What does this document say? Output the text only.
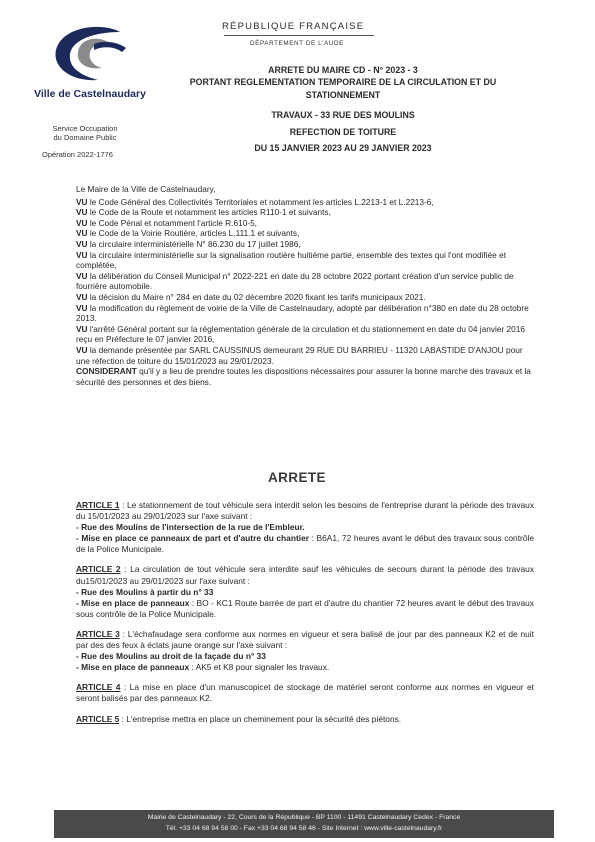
Ville de Castelnaudary
Service Occupation
du Domaine Public
Opération 2022-1776
RÉPUBLIQUE FRANÇAISE
DÉPARTEMENT DE L'AUDE
ARRETE DU MAIRE CD - N° 2023 - 3
PORTANT REGLEMENTATION TEMPORAIRE DE LA CIRCULATION ET DU
STATIONNEMENT
TRAVAUX - 33 RUE DES MOULINS
REFECTION DE TOITURE
DU 15 JANVIER 2023 AU 29 JANVIER 2023

Le Maire de la Ville de Castelnaudary,

VU le Code Général des Collectivités Territoriales et notamment les articles L.2213-1 et L.2213-6,

VU le Code de la Route et notamment les articles R110-1 et suivants,

VU le Code Pénal et notamment l'article R.610-5,

VU le Code de la Voirie Routière, articles L.111.1 et suivants,

VU la circulaire interministérielle N° 86.230 du 17 juillet 1986,

VU la circulaire interministérielle sur la signalisation routière huitième partie, ensemble des textes qui l'ont modifiée et complétée,

VU la délibération du Conseil Municipal n° 2022-221 en date du 28 octobre 2022 portant création d'un service public de fourrière automobile.

VU la décision du Maire n° 284 en date du 02 décembre 2020 fixant les tarifs municipaux 2021.

VU la modification du règlement de voirie de la Ville de Castelnaudary, adopté par délibération n°380 en date du 28 octobre 2013.

VU l'arrêté Général portant sur la réglementation générale de la circulation et du stationnement en date du 04 janvier 2016 reçu en Préfecture le 07 janvier 2016,

VU la demande présentée par SARL CAUSSINUS demeurant 29 RUE DU BARRIEU - 11320 LABASTIDE D'ANJOU pour une réfection de toiture du 15/01/2023 au 29/01/2023.

CONSIDERANT qu'il y a lieu de prendre toutes les dispositions nécessaires pour assurer la bonne marche des travaux et la sécurité des personnes et des biens.

ARRETE

ARTICLE 1 : Le stationnement de tout véhicule sera interdit selon les besoins de l'entreprise durant la période des travaux du 15/01/2023 au 29/01/2023 sur l'axe suivant :

- Rue des Moulins de l'intersection de la rue de l'Embleur.

- Mise en place ce panneaux de part et d'autre du chantier : B6A1, 72 heures avant le début des travaux sous contrôle de la Police Municipale.

ARTICLE 2 : La circulation de tout véhicule sera interdite sauf les véhicules de secours durant la période des travaux du15/01/2023 au 29/01/2023 sur l'axe suivant :

- Rue des Moulins à partir du n° 33

- Mise en place de panneaux : BO - KC1 Route barrée de part et d'autre du chantier 72 heures avant le début des travaux sous contrôle de la Police Municipale.

ARTICLE 3 : L'échafaudage sera conforme aux normes en vigueur et sera balisé de jour par des panneaux K2 et de nuit par des des feux à éclats jaune orange sur l'axe suivant :

- Rue des Moulins au droit de la façade du n° 33

- Mise en place de panneaux : AK5 et K8 pour signaler les travaux.

ARTICLE 4 : La mise en place d'un manuscopicet de stockage de matériel seront conforme aux normes en vigueur et seront balisés par des panneaux K2.

ARTICLE 5 : L'entreprise mettra en place un cheminement pour la sécurité des piétons.

Mairie de Castelnaudary - 22, Cours de la République - BP 1100 - 11491 Castelnaudary Cedex - France
Tél. +33 04 68 94 58 00 - Fax +33 04 68 94 58 46 - Site Internet : www.ville-castelnaudary.fr
